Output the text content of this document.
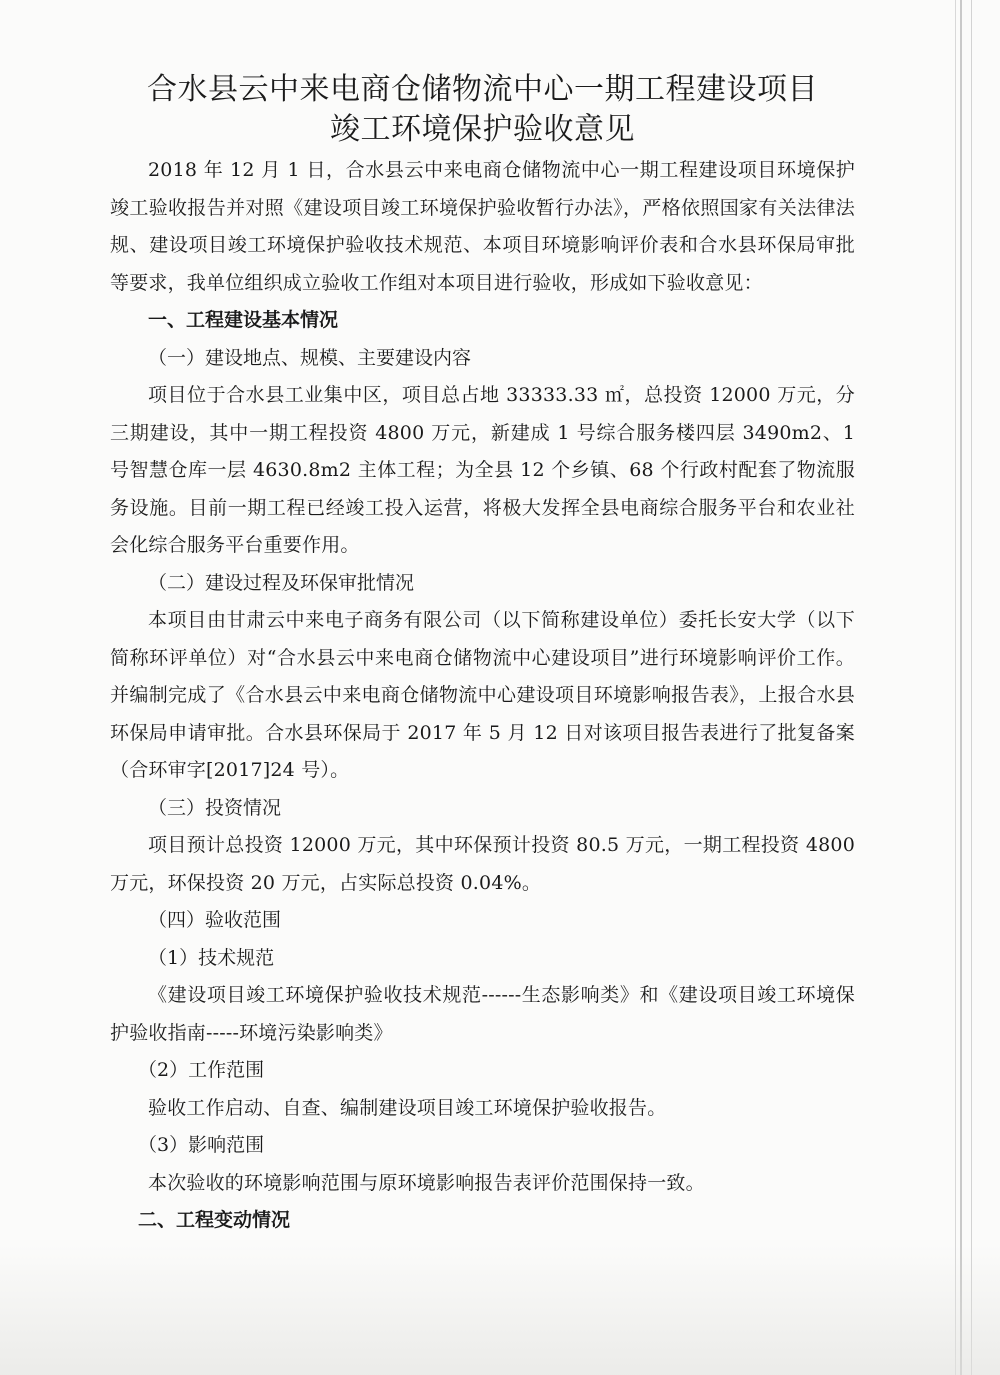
合水县云中来电商仓储物流中心一期工程建设项目
竣工环境保护验收意见

2018 年 12 月 1 日，合水县云中来电商仓储物流中心一期工程建设项目环境保护竣工验收报告并对照《建设项目竣工环境保护验收暂行办法》，严格依照国家有关法律法规、建设项目竣工环境保护验收技术规范、本项目环境影响评价表和合水县环保局审批等要求，我单位组织成立验收工作组对本项目进行验收，形成如下验收意见：

一、工程建设基本情况

（一）建设地点、规模、主要建设内容

项目位于合水县工业集中区，项目总占地 33333.33 ㎡，总投资 12000 万元，分三期建设，其中一期工程投资 4800 万元，新建成 1 号综合服务楼四层 3490m2、1 号智慧仓库一层 4630.8m2 主体工程；为全县 12 个乡镇、68 个行政村配套了物流服务设施。目前一期工程已经竣工投入运营，将极大发挥全县电商综合服务平台和农业社会化综合服务平台重要作用。

（二）建设过程及环保审批情况

本项目由甘肃云中来电子商务有限公司（以下简称建设单位）委托长安大学（以下简称环评单位）对“合水县云中来电商仓储物流中心建设项目”进行环境影响评价工作。并编制完成了《合水县云中来电商仓储物流中心建设项目环境影响报告表》，上报合水县环保局申请审批。合水县环保局于 2017 年 5 月 12 日对该项目报告表进行了批复备案（合环审字[2017]24 号）。

（三）投资情况

项目预计总投资 12000 万元，其中环保预计投资 80.5 万元，一期工程投资 4800 万元，环保投资 20 万元，占实际总投资 0.04%。

（四）验收范围

（1）技术规范

《建设项目竣工环境保护验收技术规范------生态影响类》和《建设项目竣工环境保护验收指南-----环境污染影响类》

（2）工作范围

验收工作启动、自查、编制建设项目竣工环境保护验收报告。

（3）影响范围

本次验收的环境影响范围与原环境影响报告表评价范围保持一致。

二、工程变动情况
